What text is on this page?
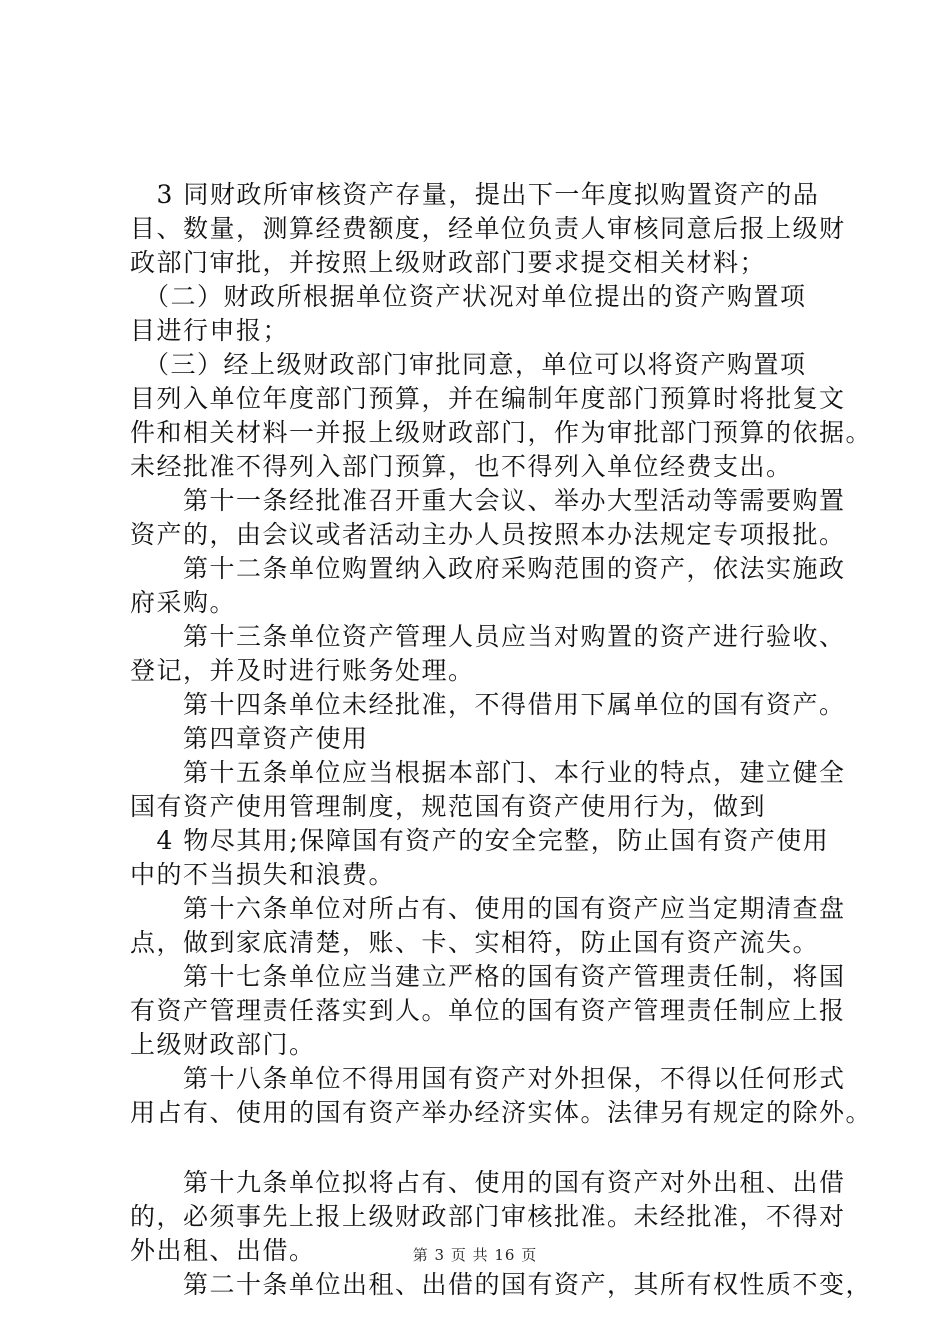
　3 同财政所审核资产存量，提出下一年度拟购置资产的品
目、数量，测算经费额度，经单位负责人审核同意后报上级财
政部门审批，并按照上级财政部门要求提交相关材料；
　（二）财政所根据单位资产状况对单位提出的资产购置项
目进行申报；
　（三）经上级财政部门审批同意，单位可以将资产购置项
目列入单位年度部门预算，并在编制年度部门预算时将批复文
件和相关材料一并报上级财政部门，作为审批部门预算的依据。
未经批准不得列入部门预算，也不得列入单位经费支出。
　　第十一条经批准召开重大会议、举办大型活动等需要购置
资产的，由会议或者活动主办人员按照本办法规定专项报批。
　　第十二条单位购置纳入政府采购范围的资产，依法实施政
府采购。
　　第十三条单位资产管理人员应当对购置的资产进行验收、
登记，并及时进行账务处理。
　　第十四条单位未经批准，不得借用下属单位的国有资产。
　　第四章资产使用
　　第十五条单位应当根据本部门、本行业的特点，建立健全
国有资产使用管理制度，规范国有资产使用行为，做到
　4 物尽其用;保障国有资产的安全完整，防止国有资产使用
中的不当损失和浪费。
　　第十六条单位对所占有、使用的国有资产应当定期清查盘
点，做到家底清楚，账、卡、实相符，防止国有资产流失。
　　第十七条单位应当建立严格的国有资产管理责任制，将国
有资产管理责任落实到人。单位的国有资产管理责任制应上报
上级财政部门。
　　第十八条单位不得用国有资产对外担保，不得以任何形式
用占有、使用的国有资产举办经济实体。法律另有规定的除外。
　　第十九条单位拟将占有、使用的国有资产对外出租、出借
的，必须事先上报上级财政部门审核批准。未经批准，不得对
外出租、出借。
　　第二十条单位出租、出借的国有资产，其所有权性质不变，
第 3 页 共 16 页
